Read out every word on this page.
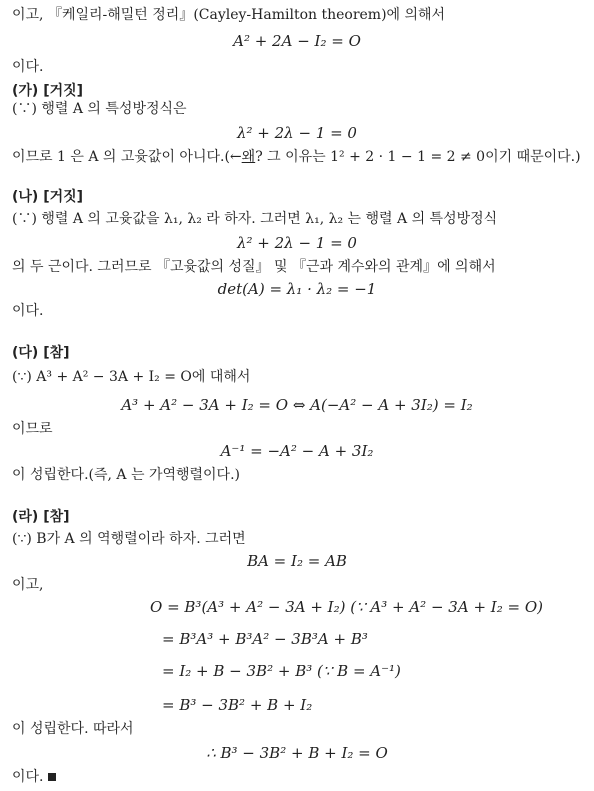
이고, 『케일리-해밀턴 정리』(Cayley-Hamilton theorem)에 의해서
A² + 2A − I₂ = O
이다.
(가) [거짓]
(∵) 행렬 A 의 특성방정식은
λ² + 2λ − 1 = 0
이므로 1 은 A 의 고윳값이 아니다.(←왜? 그 이유는 1² + 2 · 1 − 1 = 2 ≠ 0이기 때문이다.)
(나) [거짓]
(∵) 행렬 A 의 고윳값을 λ₁, λ₂ 라 하자. 그러면 λ₁, λ₂ 는 행렬 A 의 특성방정식
λ² + 2λ − 1 = 0
의 두 근이다. 그러므로 『고윳값의 성질』 및 『근과 계수와의 관계』에 의해서
det(A) = λ₁ · λ₂ = −1
이다.
(다) [참]
(∵) A³ + A² − 3A + I₂ = O에 대해서
A³ + A² − 3A + I₂ = O ⇔ A(−A² − A + 3I₂) = I₂
이므로
A⁻¹ = −A² − A + 3I₂
이 성립한다.(즉, A 는 가역행렬이다.)
(라) [참]
(∵) B가 A 의 역행렬이라 하자. 그러면
BA = I₂ = AB
이고,
O = B³(A³ + A² − 3A + I₂) (∵ A³ + A² − 3A + I₂ = O)
= B³A³ + B³A² − 3B³A + B³
= I₂ + B − 3B² + B³ (∵ B = A⁻¹)
= B³ − 3B² + B + I₂
이 성립한다. 따라서
∴ B³ − 3B² + B + I₂ = O
이다.
